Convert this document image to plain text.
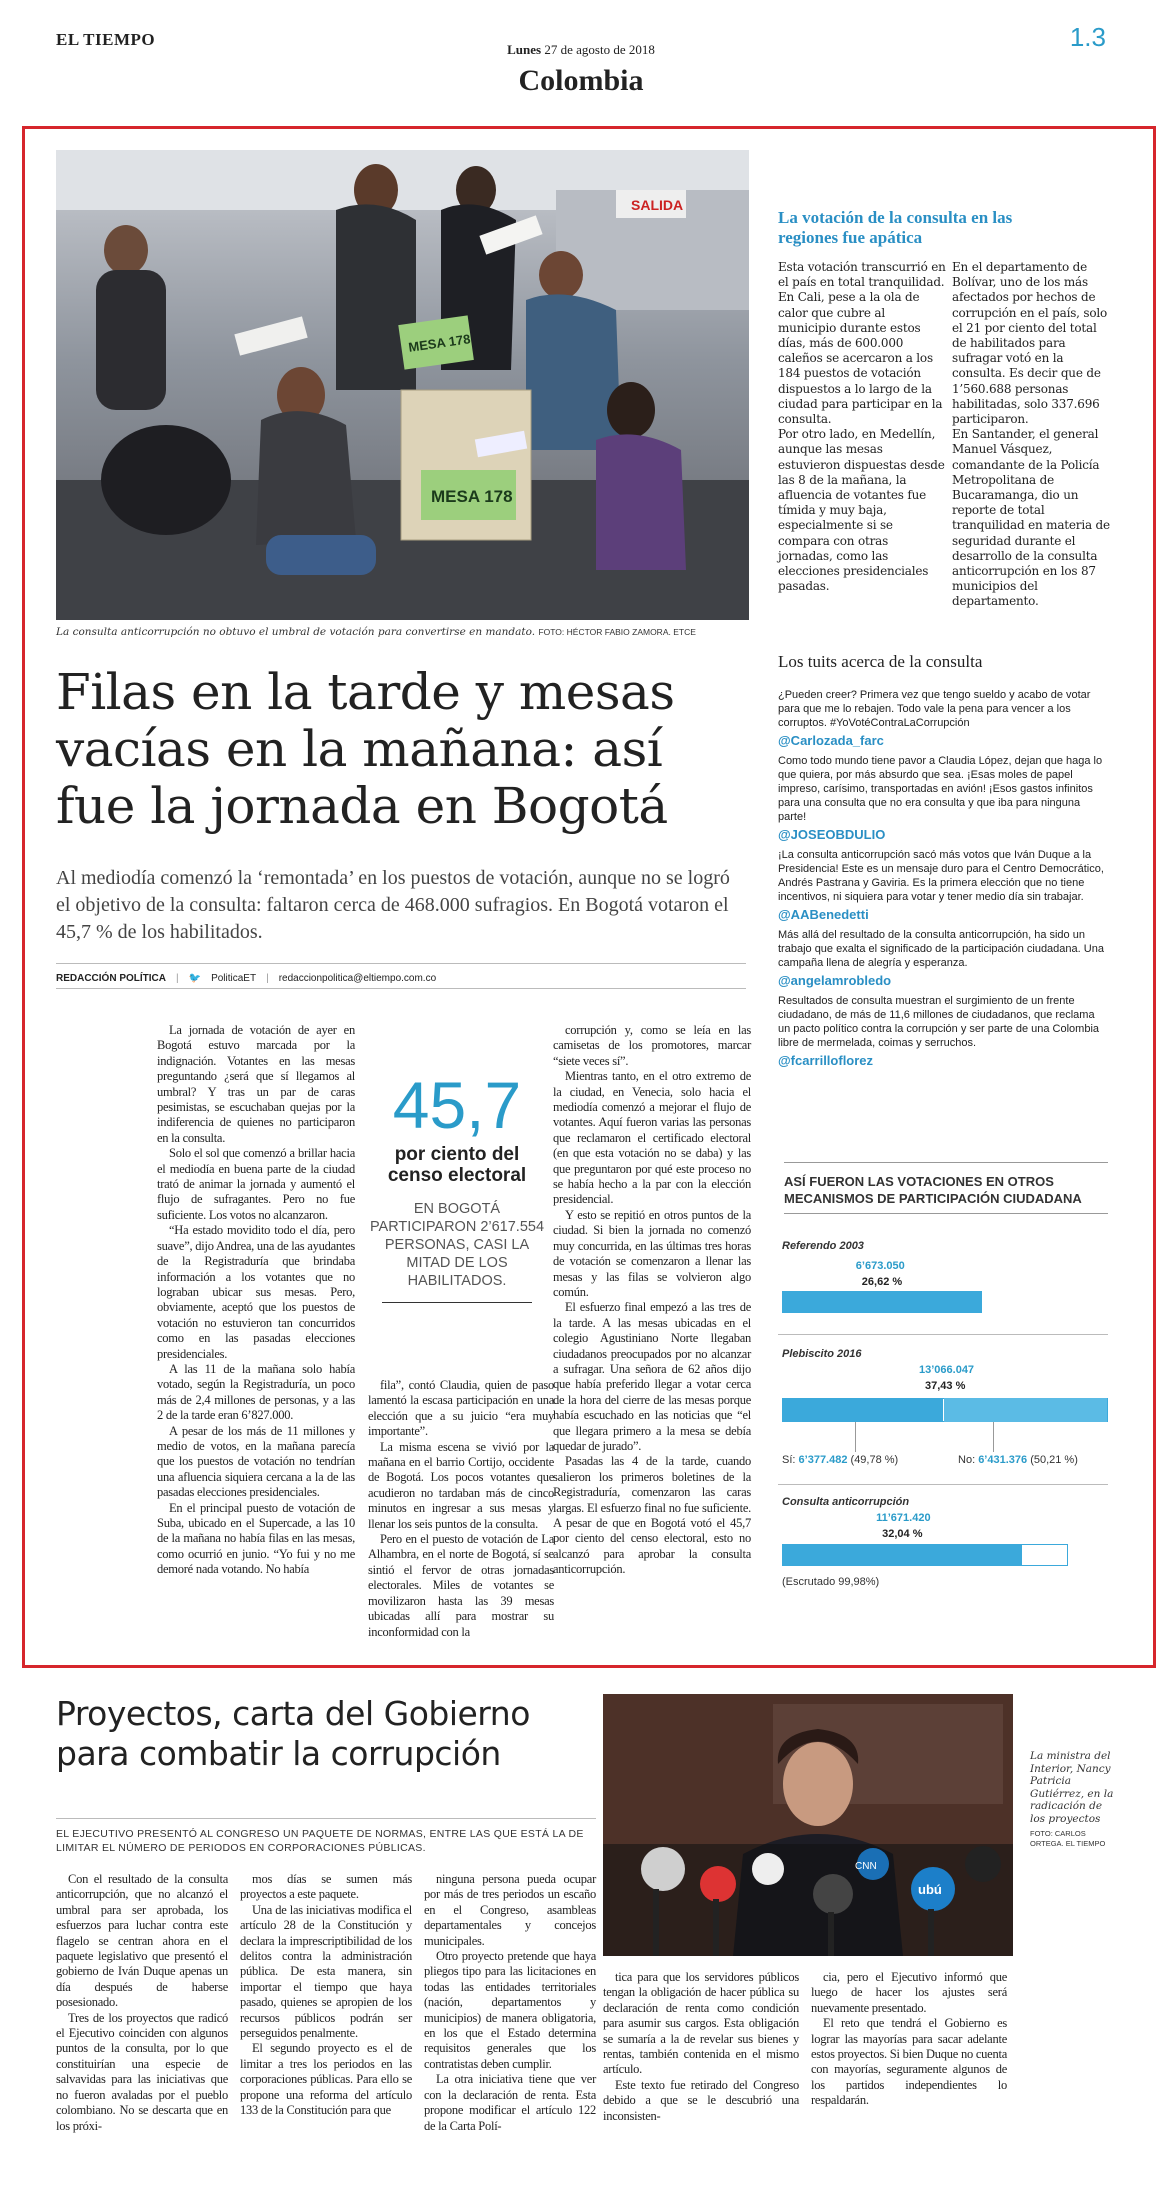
EL TIEMPO
Lunes 27 de agosto de 2018	1.3
Colombia
SALIDA
MESA 178
MESA 178
La consulta anticorrupción no obtuvo el umbral de votación para convertirse en mandato. FOTO: HÉCTOR FABIO ZAMORA. ETCE
La votación de la consulta en las regiones fue apática

Esta votación transcurrió en el país en total tranquilidad.

En Cali, pese a la ola de calor que cubre al municipio durante estos días, más de 600.000 caleños se acercaron a los 184 puestos de votación dispuestos a lo largo de la ciudad para participar en la consulta.

Por otro lado, en Medellín, aunque las mesas estuvieron dispuestas desde las 8 de la mañana, la afluencia de votantes fue tímida y muy baja, especialmente si se compara con otras jornadas, como las elecciones presidenciales pasadas.

En el departamento de Bolívar, uno de los más afectados por hechos de corrupción en el país, solo el 21 por ciento del total de habilitados para sufragar votó en la consulta. Es decir que de 1’560.688 personas habilitadas, solo 337.696 participaron.

En Santander, el general Manuel Vásquez, comandante de la Policía Metropolitana de Bucaramanga, dio un reporte de total tranquilidad en materia de seguridad durante el desarrollo de la consulta anticorrupción en los 87 municipios del departamento.

Filas en la tarde y mesas vacías en la mañana: así fue la jornada en Bogotá

Al mediodía comenzó la ‘remontada’ en los puestos de votación, aunque no se logró el objetivo de la consulta: faltaron cerca de 468.000 sufragios. En Bogotá votaron el 45,7 % de los habilitados.

REDACCIÓN POLÍTICA | 🐦 PoliticaET | redaccionpolitica@eltiempo.com.co

La jornada de votación de ayer en Bogotá estuvo marcada por la indignación. Votantes en las mesas preguntando ¿será que sí llegamos al umbral? Y tras un par de caras pesimistas, se escuchaban quejas por la indiferencia de quienes no participaron en la consulta.

Solo el sol que comenzó a brillar hacia el mediodía en buena parte de la ciudad trató de animar la jornada y aumentó el flujo de sufragantes. Pero no fue suficiente. Los votos no alcanzaron.

“Ha estado movidito todo el día, pero suave”, dijo Andrea, una de las ayudantes de la Registraduría que brindaba información a los votantes que no lograban ubicar sus mesas. Pero, obviamente, aceptó que los puestos de votación no estuvieron tan concurridos como en las pasadas elecciones presidenciales.

A las 11 de la mañana solo había votado, según la Registraduría, un poco más de 2,4 millones de personas, y a las 2 de la tarde eran 6’827.000.

A pesar de los más de 11 millones y medio de votos, en la mañana parecía que los puestos de votación no tendrían una afluencia siquiera cercana a la de las pasadas elecciones presidenciales.

En el principal puesto de votación de Suba, ubicado en el Supercade, a las 10 de la mañana no había filas en las mesas, como ocurrió en junio. “Yo fui y no me demoré nada votando. No había

45,7
por ciento del censo electoral
EN BOGOTÁ PARTICIPARON 2’617.554 PERSONAS, CASI LA MITAD DE LOS HABILITADOS.

fila”, contó Claudia, quien de paso lamentó la escasa participación en una elección que a su juicio “era muy importante”.

La misma escena se vivió por la mañana en el barrio Cortijo, occidente de Bogotá. Los pocos votantes que acudieron no tardaban más de cinco minutos en ingresar a sus mesas y llenar los seis puntos de la consulta.

Pero en el puesto de votación de La Alhambra, en el norte de Bogotá, sí se sintió el fervor de otras jornadas electorales. Miles de votantes se movilizaron hasta las 39 mesas ubicadas allí para mostrar su inconformidad con la

corrupción y, como se leía en las camisetas de los promotores, marcar “siete veces sí”.

Mientras tanto, en el otro extremo de la ciudad, en Venecia, solo hacia el mediodía comenzó a mejorar el flujo de votantes. Aquí fueron varias las personas que reclamaron el certificado electoral (en que esta votación no se daba) y las que preguntaron por qué este proceso no se había hecho a la par con la elección presidencial.

Y esto se repitió en otros puntos de la ciudad. Si bien la jornada no comenzó muy concurrida, en las últimas tres horas de votación se comenzaron a llenar las mesas y las filas se volvieron algo común.

El esfuerzo final empezó a las tres de la tarde. A las mesas ubicadas en el colegio Agustiniano Norte llegaban ciudadanos preocupados por no alcanzar a sufragar. Una señora de 62 años dijo que había preferido llegar a votar cerca de la hora del cierre de las mesas porque había escuchado en las noticias que “el que llegara primero a la mesa se debía quedar de jurado”.

Pasadas las 4 de la tarde, cuando salieron los primeros boletines de la Registraduría, comenzaron las caras largas. El esfuerzo final no fue suficiente. A pesar de que en Bogotá votó el 45,7 por ciento del censo electoral, esto no alcanzó para aprobar la consulta anticorrupción.

Los tuits acerca de la consulta
¿Pueden creer? Primera vez que tengo sueldo y acabo de votar para que me lo rebajen. Todo vale la pena para vencer a los corruptos. #YoVotéContraLaCorrupción
@Carlozada_farc
Como todo mundo tiene pavor a Claudia López, dejan que haga lo que quiera, por más absurdo que sea. ¡Esas moles de papel impreso, carísimo, transportadas en avión! ¡Esos gastos infinitos para una consulta que no era consulta y que iba para ninguna parte!
@JOSEOBDULIO
¡La consulta anticorrupción sacó más votos que Iván Duque a la Presidencia! Este es un mensaje duro para el Centro Democrático, Andrés Pastrana y Gaviria. Es la primera elección que no tiene incentivos, ni siquiera para votar y tener medio día sin trabajar.
@AABenedetti
Más allá del resultado de la consulta anticorrupción, ha sido un trabajo que exalta el significado de la participación ciudadana. Una campaña llena de alegría y esperanza.
@angelamrobledo
Resultados de consulta muestran el surgimiento de un frente ciudadano, de más de 11,6 millones de ciudadanos, que reclama un pacto político contra la corrupción y ser parte de una Colombia libre de mermelada, coimas y serruchos.
@fcarrilloflorez
ASÍ FUERON LAS VOTACIONES EN OTROS MECANISMOS DE PARTICIPACIÓN CIUDADANA
Referendo 2003
6’673.050
26,62 %
Plebiscito 2016
13’066.047
37,43 %
Sí: 6’377.482 (49,78 %)	No: 6’431.376 (50,21 %)
Consulta anticorrupción
11’671.420
32,04 %
(Escrutado 99,98%)
Proyectos, carta del Gobierno para combatir la corrupción
EL EJECUTIVO PRESENTÓ AL CONGRESO UN PAQUETE DE NORMAS, ENTRE LAS QUE ESTÁ LA DE LIMITAR EL NÚMERO DE PERIODOS EN CORPORACIONES PÚBLICAS.
CNN
ubú
La ministra del Interior, Nancy Patricia Gutiérrez, en la radicación de los proyectos
FOTO: CARLOS ORTEGA. EL TIEMPO

Con el resultado de la consulta anticorrupción, que no alcanzó el umbral para ser aprobada, los esfuerzos para luchar contra este flagelo se centran ahora en el paquete legislativo que presentó el gobierno de Iván Duque apenas un día después de haberse posesionado.

Tres de los proyectos que radicó el Ejecutivo coinciden con algunos puntos de la consulta, por lo que constituirían una especie de salvavidas para las iniciativas que no fueron avaladas por el pueblo colombiano. No se descarta que en los próxi-

mos días se sumen más proyectos a este paquete.

Una de las iniciativas modifica el artículo 28 de la Constitución y declara la imprescriptibilidad de los delitos contra la administración pública. De esta manera, sin importar el tiempo que haya pasado, quienes se apropien de los recursos públicos podrán ser perseguidos penalmente.

El segundo proyecto es el de limitar a tres los periodos en las corporaciones públicas. Para ello se propone una reforma del artículo 133 de la Constitución para que

ninguna persona pueda ocupar por más de tres periodos un escaño en el Congreso, asambleas departamentales y concejos municipales.

Otro proyecto pretende que haya pliegos tipo para las licitaciones en todas las entidades territoriales (nación, departamentos y municipios) de manera obligatoria, en los que el Estado determina requisitos generales que los contratistas deben cumplir.

La otra iniciativa tiene que ver con la declaración de renta. Esta propone modificar el artículo 122 de la Carta Polí-

tica para que los servidores públicos tengan la obligación de hacer pública su declaración de renta como condición para asumir sus cargos. Esta obligación se sumaría a la de revelar sus bienes y rentas, también contenida en el mismo artículo.

Este texto fue retirado del Congreso debido a que se le descubrió una inconsisten-

cia, pero el Ejecutivo informó que luego de hacer los ajustes será nuevamente presentado.

El reto que tendrá el Gobierno es lograr las mayorías para sacar adelante estos proyectos. Si bien Duque no cuenta con mayorías, seguramente algunos de los partidos independientes lo respaldarán.
